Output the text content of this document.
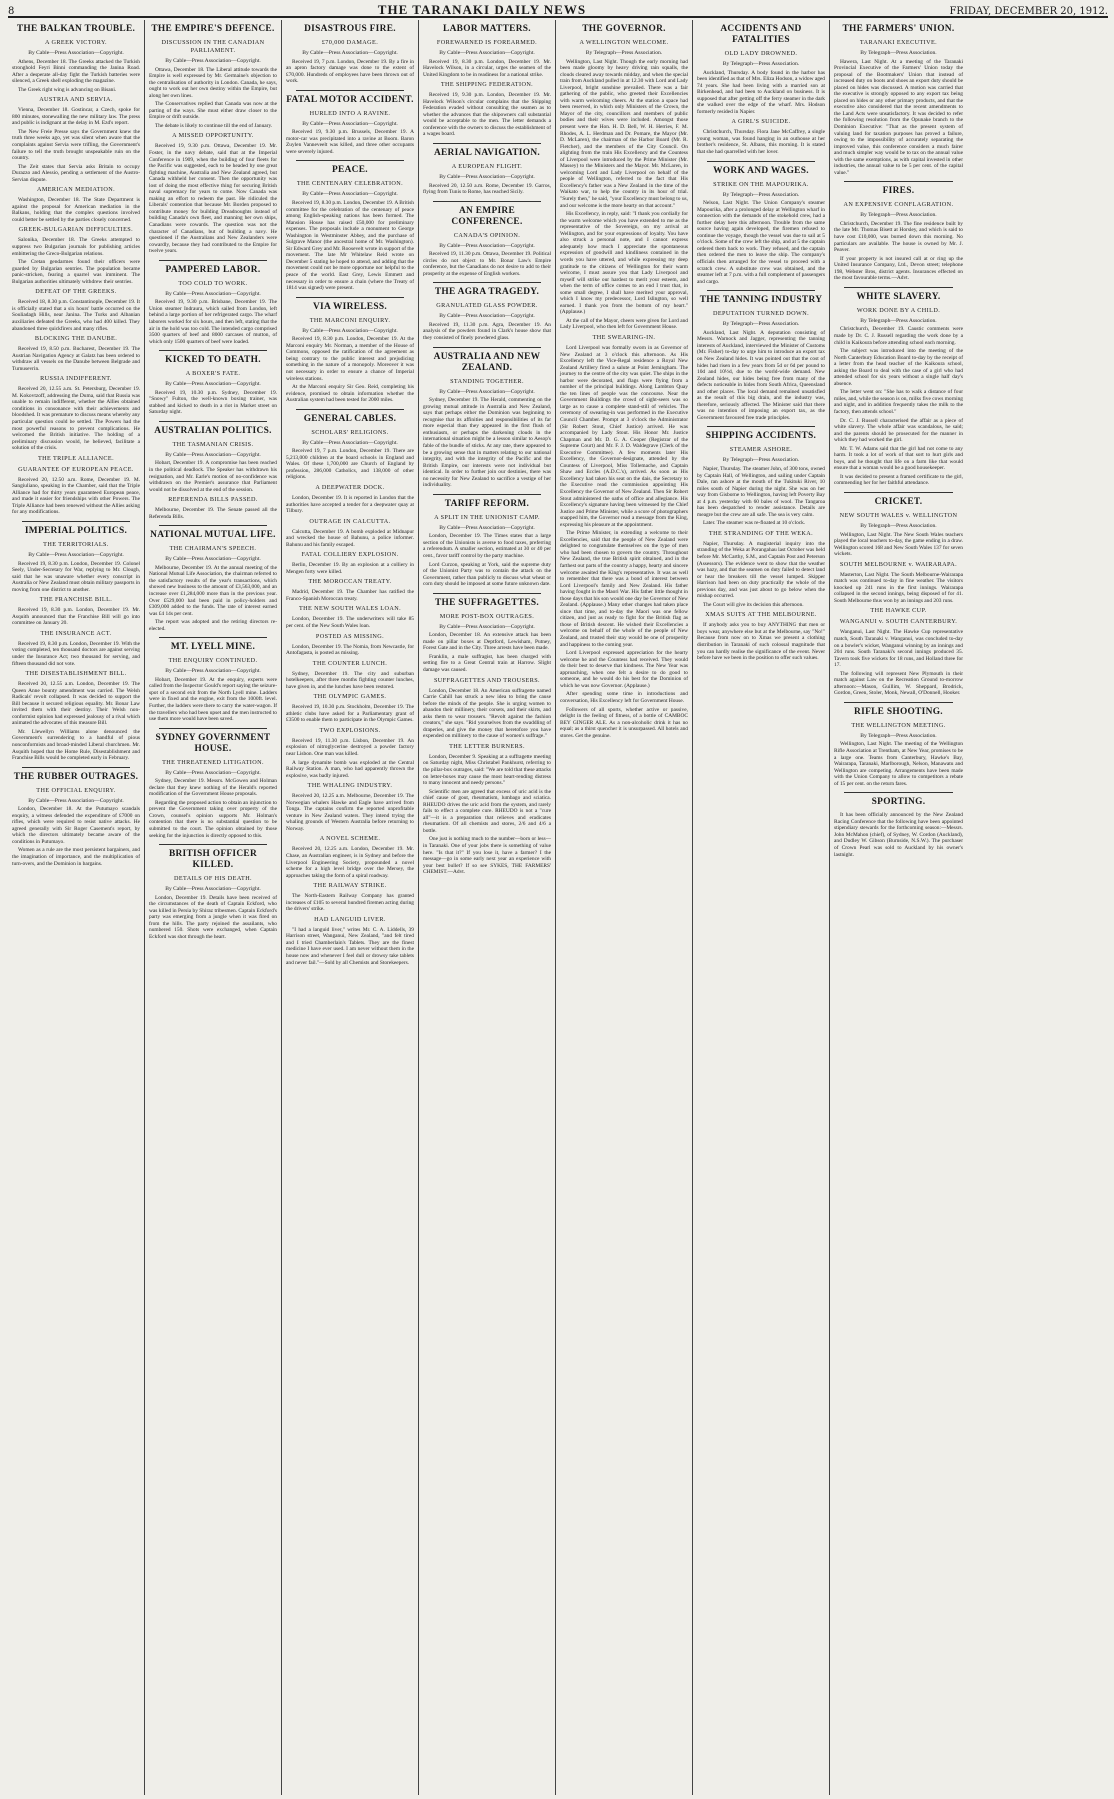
8	THE TARANAKI DAILY NEWS	FRIDAY, DECEMBER 20, 1912.
THE BALKAN TROUBLE.
A GREEK VICTORY.
By Cable—Press Association—Copyright.
Athens, December 18. The Greeks attacked the Turkish stronghold Feyri Binni commanding the Janina Road. After a desperate all-day fight the Turkish batteries were silenced, a Greek shell exploding the magazine.
The Greek right wing is advancing on Bisani.
AUSTRIA AND SERVIA.
Vienna, December 18. Gostincar, a Czech, spoke for 800 minutes, stonewalling the new military law. The press and public is indignant at the delay in M. Ezd's report.
The New Freie Presse says the Government knew the truth three weeks ago, yet was silent when aware that the complaints against Servia were trifling, the Government's failure to tell the truth brought unspeakable ruin on the country.
The Zeit states that Servia asks Britain to occupy Durazzo and Alessio, pending a settlement of the Austro-Servian dispute.
AMERICAN MEDIATION.
Washington, December 18. The State Department is against the proposal for American mediation in the Balkans, holding that the complex questions involved could better be settled by the parties closely concerned.
GREEK-BULGARIAN DIFFICULTIES.
Salonika, December 18. The Greeks attempted to suppress two Bulgarian journals for publishing articles embittering the Greco-Bulgarian relations.
The Cretan gendarmes found their officers were guarded by Bulgarian sentries. The population became panic-stricken, fearing a quarrel was imminent. The Bulgarian authorities ultimately withdrew their sentries.
DEFEAT OF THE GREEKS.
Received 18, 8.30 p.m. Constantinople, December 19. It is officially stated that a six hours' battle occurred on the Souliadagh Hills, near Janina. The Turks and Albanian auxiliaries defeated the Greeks, who had 400 killed. They abandoned three quickfirers and many rifles.
BLOCKING THE DANUBE.
Received 19, 8.50 p.m. Bucharest, December 19. The Austrian Navigation Agency at Galatz has been ordered to withdraw all vessels on the Danube between Belgrade and Turnusevrin.
RUSSIA INDIFFERENT.
Received 20, 12.55 a.m. St. Petersburg, December 19. M. Kokovtzoff, addressing the Duma, said that Russia was unable to remain indifferent, whether the Allies obtained conditions in consonance with their achievements and bloodshed. It was premature to discuss means whereby any particular question could be settled. The Powers had the most powerful reasons to prevent complications. He welcomed the British initiative. The holding of a preliminary discussion would, he believed, facilitate a solution of the crisis.
THE TRIPLE ALLIANCE.
GUARANTEE OF EUROPEAN PEACE.
Received 20, 12.50 a.m. Rome, December 19. M. Sangiuliano, speaking in the Chamber, said that the Triple Alliance had for thirty years guaranteed European peace, and made it easier for friendships with other Powers. The Triple Alliance had been renewed without the Allies asking for any modifications.
IMPERIAL POLITICS.
THE TERRITORIALS.
By Cable—Press Association—Copyright.
Received 19, 8.30 p.m. London, December 19. Colonel Seely, Under-Secretary for War, replying to Mr. Clough, said that he was unaware whether every conscript in Australia or New Zealand must obtain military passports in moving from one district to another.
THE FRANCHISE BILL.
Received 19, 8.30 p.m. London, December 19. Mr. Asquith announced that the Franchise Bill will go into committee on January 20.
THE INSURANCE ACT.
Received 19, 8.30 p.m. London, December 19. With the voting completed, ten thousand doctors are against serving under the Insurance Act; two thousand for serving, and fifteen thousand did not vote.
THE DISESTABLISHMENT BILL.
Received 20, 12.55 a.m. London, December 19. The Queen Anne bounty amendment was carried. The Welsh Radicals' revolt collapsed. It was decided to support the Bill because it secured religious equality. Mr. Bonar Law invited them with their destiny. Their Welsh non-conformist opinion had expressed jealousy of a rival which animated the advocates of this measure Bill.
Mr. Llewellyn Williams alone denounced the Government's surrendering to a handful of pious nonconformists and broad-minded Liberal churchmen. Mr. Asquith hoped that the Home Rule, Disestablishment and Franchise Bills would be completed early in February.
THE RUBBER OUTRAGES.
THE OFFICIAL ENQUIRY.
By Cable—Press Association—Copyright.
London, December 18. At the Putumayo scandals enquiry, a witness defended the expenditure of £7000 on rifles, which were required to resist native attacks. He agreed generally with Sir Roger Casement's report, by which the directors ultimately became aware of the conditions in Putumayo.
Women as a rule are the most persistent bargainers, and the imagination of importance, and the multiplication of turn-overs, and the Dominion in bargains.
THE EMPIRE'S DEFENCE.
DISCUSSION IN THE CANADIAN PARLIAMENT.
By Cable—Press Association—Copyright.
Ottawa, December 18. The Liberal attitude towards the Empire is well expressed by Mr. Germaine's objection to the centralisation of authority in London. Canada, he says, ought to work out her own destiny within the Empire, but along her own lines.
The Conservatives replied that Canada was now at the parting of the ways. She must either draw closer to the Empire or drift outside.
The debate is likely to continue till the end of January.
A MISSED OPPORTUNITY.
Received 19, 9.30 p.m. Ottawa, December 19. Mr. Foster, in the navy debate, said that at the Imperial Conference in 1909, when the building of four fleets for the Pacific was suggested, each to be headed by one great fighting machine, Australia and New Zealand agreed, but Canada withheld her consent. Then the opportunity was lost of doing the most effective thing for securing British naval supremacy for years to come. Now Canada was making an effort to redeem the past. He ridiculed the Liberals' contention that because Mr. Borden proposed to contribute money for building Dreadnoughts instead of building Canada's own fleet, and manning her own ships, Canadians were cowards. The question was not the character of Canadians, but of building a navy. He questioned if the Australians and New Zealanders were cowardly, because they had contributed to the Empire for twelve years.
PAMPERED LABOR.
TOO COLD TO WORK.
By Cable—Press Association—Copyright.
Received 19, 9.30 p.m. Brisbane, December 19. The Union steamer Indraura, which sailed from London, left behind a large portion of her refrigerated cargo. The wharf laborers worked for six hours, and then left, stating that the air in the hold was too cold. The intended cargo comprised 3500 quarters of beef and 8000 carcases of mutton, of which only 1500 quarters of beef were loaded.
KICKED TO DEATH.
A BOXER'S FATE.
By Cable—Press Association—Copyright.
Received 19, 10.30 p.m. Sydney, December 19. "Snowy" Fulton, the well-known boxing trainer, was stabbed and kicked to death in a riot in Market street on Saturday night.
AUSTRALIAN POLITICS.
THE TASMANIAN CRISIS.
By Cable—Press Association—Copyright.
Hobart, December 19. A compromise has been reached in the political deadlock. The Speaker has withdrawn his resignation, and Mr. Earle's motion of no-confidence was withdrawn on the Premier's assurance that Parliament would not be dissolved at the end of the session.
REFERENDA BILLS PASSED.
Melbourne, December 19. The Senate passed all the Referenda Bills.
NATIONAL MUTUAL LIFE.
THE CHAIRMAN'S SPEECH.
By Cable—Press Association—Copyright.
Melbourne, December 19. At the annual meeting of the National Mutual Life Association, the chairman referred to the satisfactory results of the year's transactions, which showed new business to the amount of £3,563,000, and an increase over £1,284,000 more than in the previous year. Over £529,000 had been paid in policy-holders and £309,000 added to the funds. The rate of interest earned was £4 14s per cent.
The report was adopted and the retiring directors re-elected.
MT. LYELL MINE.
THE ENQUIRY CONTINUED.
By Cable—Press Association—Copyright.
Hobart, December 19. At the enquiry, experts were called from the Inspector Gould's report saying the seizure-spot of a second exit from the North Lyell mine. Ladders were in fixed and the engine, exit from the 1000ft. level. Further, the ladders were there to carry the water-wagon. If the travellers who had been upset and the men instructed to use them more would have been saved.
SYDNEY GOVERNMENT HOUSE.
THE THREATENED LITIGATION.
By Cable—Press Association—Copyright.
Sydney, December 19. Messrs. McGowen and Holman declare that they knew nothing of the Herald's reported modification of the Government House proposals.
Regarding the proposed action to obtain an injunction to prevent the Government taking over property of the Crown, counsel's opinion supports Mr. Holman's contention that there is no substantial question to be submitted to the court. The opinion obtained by those seeking for the injunction is directly opposed to this.
BRITISH OFFICER KILLED.
DETAILS OF HIS DEATH.
By Cable—Press Association—Copyright.
London, December 19. Details have been received of the circumstances of the death of Captain Eckford, who was killed in Persia by Shiraz tribesmen. Captain Eckford's party was emerging from a jungle when it was fired on from the hills. The party rejoined the assailants, who numbered 150. Shots were exchanged, when Captain Eckford was shot through the heart.
DISASTROUS FIRE.
£70,000 DAMAGE.
By Cable—Press Association—Copyright.
Received 19, 7 p.m. London, December 19. By a fire in an apron factory damage was done to the extent of £70,000. Hundreds of employees have been thrown out of work.
FATAL MOTOR ACCIDENT.
HURLED INTO A RAVINE.
By Cable—Press Association—Copyright.
Received 19, 9.30 p.m. Brussels, December 19. A motor-car was precipitated into a ravine at Boom. Baron Zuylen Vanneveelt was killed, and three other occupants were severely injured.
PEACE.
THE CENTENARY CELEBRATION.
By Cable—Press Association—Copyright.
Received 19, 8.30 p.m. London, December 19. A British committee for the celebration of the centenary of peace among English-speaking nations has been formed. The Mansion House has raised £50,000 for preliminary expenses. The proposals include a monument to George Washington in Westminster Abbey, and the purchase of Sulgrave Manor (the ancestral home of Mr. Washington). Sir Edward Grey and Mr. Roosevelt wrote in support of the movement. The late Mr Whitelaw Reid wrote on December 5 stating he hoped to attend, and adding that the movement could not be more opportune nor helpful to the peace of the world. East Grey, Lewis Emmett and necessary in order to ensure a chain (where the Treaty of 1814 was signed) were present.
VIA WIRELESS.
THE MARCONI ENQUIRY.
By Cable—Press Association—Copyright.
Received 19, 8.30 p.m. London, December 19. At the Marconi enquiry Mr. Norman, a member of the House of Commons, opposed the ratification of the agreement as being contrary to the public interest and prejudicing something in the nature of a monopoly. Moreover it was not necessary in order to ensure a chance of Imperial wireless stations.
At the Marconi enquiry Sir Geo. Reid, completing his evidence, promised to obtain information whether the Australian system had been tested for 2000 miles.
GENERAL CABLES.
SCHOLARS' RELIGIONS.
By Cable—Press Association—Copyright.
Received 19, 7 p.m. London, December 19. There are 5,213,000 children at the board schools in England and Wales. Of these 1,700,000 are Church of England by profession, 286,000 Catholics, and 138,000 of other religions.
A DEEPWATER DOCK.
London, December 19. It is reported in London that the authorities have accepted a tender for a deepwater quay at Tilbury.
OUTRAGE IN CALCUTTA.
Calcutta, December 19. A bomb exploded at Midnapur and wrecked the house of Bahunu, a police informer. Bahunu and his family escaped.
FATAL COLLIERY EXPLOSION.
Berlin, December 19. By an explosion at a colliery in Mengen forty were killed.
THE MOROCCAN TREATY.
Madrid, December 19. The Chamber has ratified the Franco-Spanish Moroccan treaty.
THE NEW SOUTH WALES LOAN.
London, December 19. The underwriters will take 85 per cent. of the New South Wales loan.
POSTED AS MISSING.
London, December 19. The Nomia, from Newcastle, for Antofagasta, is posted as missing.
THE COUNTER LUNCH.
Sydney, December 19. The city and suburban hotelkeepers, after three months fighting counter lunches, have given in, and the lunches have been restored.
THE OLYMPIC GAMES.
Received 19, 10.30 p.m. Stockholm, December 19. The athletic clubs have asked for a Parliamentary grant of £3500 to enable them to participate in the Olympic Games.
TWO EXPLOSIONS.
Received 19, 11.30 p.m. Lisbon, December 19. An explosion of nitroglycerine destroyed a powder factory near Lisbon. One man was killed.
A large dynamite bomb was exploded at the Central Railway Station. A man, who had apparently thrown the explosive, was badly injured.
THE WHALING INDUSTRY.
Received 20, 12.25 a.m. Melbourne, December 19. The Norwegian whalers Hawke and Eagle have arrived from Tonga. The captains confirm the reported unprofitable venture in New Zealand waters. They intend trying the whaling grounds of Western Australia before returning to Norway.
A NOVEL SCHEME.
Received 20, 12.25 a.m. London, December 19. Mr. Chase, an Australian engineer, is in Sydney and before the Liverpool Engineering Society, propounded a novel scheme for a high level bridge over the Mersey, the approaches taking the form of a spiral roadway.
THE RAILWAY STRIKE.
The North-Eastern Railway Company has granted increases of £105 to several hundred firemen acting during the drivers' strike.
HAD LANGUID LIVER.
"I had a languid liver," writes Mr. C. A. Liddells, 39 Harrison street, Wanganui, New Zealand, "and felt tired and I tried Chamberlain's Tablets. They are the finest medicine I have ever used. I am never without them in the house now and whenever I feel dull or drowsy take tablets and never fail."—Sold by all Chemists and Storekeepers.
LABOR MATTERS.
FOREWARNED IS FOREARMED.
By Cable—Press Association—Copyright.
Received 19, 8.30 p.m. London, December 19. Mr. Havelock Wilson, in a circular, urges the seamen of the United Kingdom to be in readiness for a national strike.
THE SHIPPING FEDERATION.
Received 19, 9.30 p.m. London, December 19. Mr. Havelock Wilson's circular complains that the Shipping Federation evaded without consulting the seamen as to whether the advances that the shipowners call substantial would be acceptable to the men. The letter demands a conference with the owners to discuss the establishment of a wages board.
AERIAL NAVIGATION.
A EUROPEAN FLIGHT.
By Cable—Press Association—Copyright.
Received 20, 12.50 a.m. Rome, December 19. Garros, flying from Tunis to Rome, has reached Sicily.
AN EMPIRE CONFERENCE.
CANADA'S OPINION.
By Cable—Press Association—Copyright.
Received 19, 11.30 p.m. Ottawa, December 19. Political circles do not object to Mr. Bonar Law's Empire conference, but the Canadians do not desire to add to their prosperity at the expense of English workers.
THE AGRA TRAGEDY.
GRANULATED GLASS POWDER.
By Cable—Press Association—Copyright.
Received 19, 11.30 p.m. Agra, December 19. An analysis of the powders found in Clark's house show that they consisted of finely powdered glass.
AUSTRALIA AND NEW ZEALAND.
STANDING TOGETHER.
By Cable—Press Association—Copyright.
Sydney, December 19. The Herald, commenting on the growing mutual attitude in Australia and New Zealand, says that perhaps either the Dominion was beginning to recognise that its affinities and responsibilities of its far more especial than they appeared in the first flush of enthusiasm, or perhaps the darkening clouds in the international situation might be a lesson similar to Aesop's fable of the bundle of sticks. At any rate, there appeared to be a growing sense that in matters relating to our national integrity, and with the integrity of the Pacific and the British Empire, our interests were not individual but identical. In order to further join our destinies, there was no necessity for New Zealand to sacrifice a vestige of her individuality.
TARIFF REFORM.
A SPLIT IN THE UNIONIST CAMP.
By Cable—Press Association—Copyright.
London, December 19. The Times states that a large section of the Unionists is averse to food taxes, preferring a referendum. A smaller section, estimated at 30 or 40 per cent., favor tariff control by the party machine.
Lord Curzon, speaking at York, said the supreme duty of the Unionist Party was to contain the attack on the Government, rather than publicly to discuss what wheat or corn duty should be imposed at some future unknown date.
THE SUFFRAGETTES.
MORE POST-BOX OUTRAGES.
By Cable—Press Association—Copyright.
London, December 18. An extensive attack has been made on pillar boxes at Deptford, Lewisham, Putney, Forest Gate and in the City. Three arrests have been made.
Franklin, a male suffragist, has been charged with setting fire to a Great Central train at Harrow. Slight damage was caused.
SUFFRAGETTES AND TROUSERS.
London, December 18. An American suffragette named Carrie Cahill has struck a new idea to bring the cause before the minds of the people. She is urging women to abandon their millinery, their corsets, and their skirts, and asks them to wear trousers. "Revolt against the fashion creators," she says. "Rid yourselves from the swaddling of draperies, and give the money that heretofore you have expended on millinery to the cause of women's suffrage."
THE LETTER BURNERS.
London, December 9. Speaking at a suffragette meeting on Saturday night, Miss Christabel Pankhurst, referring to the pillar-box outrages, said: "We are told that these attacks on letter-boxes may cause the most heart-rending distress to many innocent and needy persons."
Scientific men are agreed that excess of uric acid is the chief cause of gout, rheumatism, lumbago and sciatica. RHEUDO drives the uric acid from the system, and rarely fails to effect a complete cure. RHEUDO is not a "cure all"—it is a preparation that relieves and eradicates rheumatism. Of all chemists and stores, 2/6 and 4/6 a bottle.
One just is nothing much to the number—born or less—in Taranaki. One of your jobs there is something of value here. "Is that it?" If you lose it, have a farmer? I the message—go in some early next year an experience with your best bullet? If so see SYKES, THE FARMERS' CHEMIST.—Advt.
THE GOVERNOR.
A WELLINGTON WELCOME.
By Telegraph—Press Association.
Wellington, Last Night. Though the early morning had been made gloomy by heavy driving rain squalls, the clouds cleared away towards midday, and when the special train from Auckland pulled in at 12.30 with Lord and Lady Liverpool, bright sunshine prevailed. There was a fair gathering of the public, who greeted their Excellencies with warm welcoming cheers. At the station a space had been reserved, in which only Ministers of the Crown, the Mayor of the city, councillors and members of public bodies and their wives were included. Amongst those present were the Hon. H. D. Bell, W. H. Herries, F. M. Rhodes, A. L. Herdman and Dr. Pomare, the Mayor (Mr. D. McLaren), the chairman of the Harbor Board (Mr. R. Fletcher), and the members of the City Council. On alighting from the train His Excellency and the Countess of Liverpool were introduced by the Prime Minister (Mr. Massey) to the Ministers and the Mayor. Mr. McLaren, in welcoming Lord and Lady Liverpool on behalf of the people of Wellington, referred to the fact that His Excellency's father was a New Zealand in the time of the Waikato war, to help the country in its hour of trial. "Surely then," he said, "your Excellency must belong to us, and our welcome is the more hearty on that account."
His Excellency, in reply, said: "I thank you cordially for the warm welcome which you have extended to me as the representative of the Sovereign, on my arrival at Wellington, and for your expressions of loyalty. You have also struck a personal note, and I cannot express adequately how much I appreciate the spontaneous expression of goodwill and kindliness contained in the words you have uttered, and while expressing my deep gratitude to the citizens of Wellington for their warm welcome, I must assure you that Lady Liverpool and myself will strike our hardest to merit your esteem, and when the term of office comes to an end I trust that, in some small degree, I shall have merited your approval, which I know my predecessor, Lord Islington, so well earned. I thank you from the bottom of my heart." (Applause.)
At the call of the Mayor, cheers were given for Lord and Lady Liverpool, who then left for Government House.
THE SWEARING-IN.
Lord Liverpool was formally sworn in as Governor of New Zealand at 3 o'clock this afternoon. As His Excellency left the Vice-Regal residence a Royal New Zealand Artillery fired a salute at Point Jerningham. The journey to the centre of the city was quiet. The ships in the harbor were decorated, and flags were flying from a number of the principal buildings. Along Lambton Quay the ten lines of people was the concourse. Near the Government Buildings the crowd of sight-seers was so large as to cause a complete stand-still of vehicles. The ceremony of swearing-in was performed in the Executive Council Chamber. Prompt at 3 o'clock the Administrator (Sir Robert Stout, Chief Justice) arrived. He was accompanied by Lady Stout. His Honor Mr. Justice Chapman and Mr. D. G. A. Cooper (Registrar of the Supreme Court) and Mr. F. J. D. Waldegrave (Clerk of the Executive Committee). A few moments later His Excellency, the Governor-designate, attended by the Countess of Liverpool, Miss Tollemache, and Captain Shaw and Eccles (A.D.C.'s), arrived. As soon as His Excellency had taken his seat on the dais, the Secretary to the Executive read the commission appointing His Excellency the Governor of New Zealand. Then Sir Robert Stout administered the oaths of office and allegiance. His Excellency's signature having been witnessed by the Chief Justice and Prime Minister, while a score of photographers snapped him, the Governor read a message from the King, expressing his pleasure at the appointment.
The Prime Minister, in extending a welcome to their Excellencies, said that the people of New Zealand were delighted to congratulate themselves on the type of men who had been chosen to govern the country. Throughout New Zealand, the true British spirit obtained, and in the farthest out parts of the country a happy, hearty and sincere welcome awaited the King's representative. It was as well to remember that there was a bond of interest between Lord Liverpool's family and New Zealand. His father having fought in the Maori War. His father little thought in those days that his son would one day be Governor of New Zealand. (Applause.) Many other changes had taken place since that time, and to-day the Maori was one fellow citizen, and just as ready to fight for the British flag as those of British descent. He wished their Excellencies a welcome on behalf of the whole of the people of New Zealand, and trusted their stay would be one of prosperity and happiness to the coming year.
Lord Liverpool expressed appreciation for the hearty welcome he and the Countess had received. They would do their best to deserve that kindness. The New Year was approaching, when one felt a desire to do good to someone, and he would do his best for the Dominion of which he was now Governor. (Applause.)
After spending some time in introductions and conversation, His Excellency left for Government House.
Followers of all sports, whether active or passive, delight in the feeling of fitness, of a bottle of CAMBOC BEY GINGER ALE. As a non-alcoholic drink it has no equal; as a thirst quencher it is unsurpassed. All hotels and stores. Get the genuine.
ACCIDENTS AND FATALITIES
OLD LADY DROWNED.
By Telegraph—Press Association.
Auckland, Thursday. A body found in the harbor has been identified as that of Mrs. Eliza Hodson, a widow aged 74 years. She had been living with a married son at Birkenhead, and had been to Auckland on business. It is supposed that after getting off the ferry steamer in the dark she walked over the edge of the wharf. Mrs. Hodson formerly resided in Napier.
A GIRL'S SUICIDE.
Christchurch, Thursday. Flora Jane McCaffrey, a single young woman, was found hanging in an outhouse at her brother's residence, St. Albans, this morning. It is stated that she had quarrelled with her lover.
WORK AND WAGES.
STRIKE ON THE MAPOURIKA.
By Telegraph—Press Association.
Nelson, Last Night. The Union Company's steamer Mapourika, after a prolonged delay at Wellington wharf in connection with the demands of the stokehold crew, had a further delay here this afternoon. Trouble from the same source having again developed, the firemen refused to continue the voyage, though the vessel was due to sail at 5 o'clock. Some of the crew left the ship, and at 5 the captain ordered them back to work. They refused, and the captain then ordered the men to leave the ship. The company's officials then arranged for the vessel to proceed with a scratch crew. A substitute crew was obtained, and the steamer left at 7 p.m. with a full complement of passengers and cargo.
THE TANNING INDUSTRY
DEPUTATION TURNED DOWN.
By Telegraph—Press Association.
Auckland, Last Night. A deputation consisting of Messrs. Warnock and Jagger, representing the tanning interests of Auckland, interviewed the Minister of Customs (Mr. Fisher) to-day to urge him to introduce an export tax on New Zealand hides. It was pointed out that the cost of hides had risen in a few years from 5d or 6d per pound to 10d and 10½d, due to the world-wide demand. New Zealand hides, our hides being free from many of the defects noticeable in hides from South Africa, Queensland and other places. The local demand remained unsatisfied as the result of this big drain, and the industry was, therefore, seriously affected. The Minister said that there was no intention of imposing an export tax, as the Government favoured free trade principles.
SHIPPING ACCIDENTS.
STEAMER ASHORE.
By Telegraph—Press Association.
Napier, Thursday. The steamer John, of 300 tons, owned by Captain Hall, of Wellington, and sailing under Captain Dale, ran ashore at the mouth of the Tukituki River, 10 miles south of Napier during the night. She was on her way from Gisborne to Wellington, having left Poverty Bay at 4 p.m. yesterday with 60 bales of wool. The Tangaroa has been despatched to render assistance. Details are meagre but the crew are all safe. The sea is very calm.
Later. The steamer was re-floated at 10 o'clock.
THE STRANDING OF THE WEKA.
Napier, Thursday. A magisterial inquiry into the stranding of the Weka at Porangahau last October was held before Mr. McCarthy, S.M., and Captain Post and Peterson (Assessors). The evidence went to show that the weather was hazy, and that the seamen on duty failed to detect land or hear the breakers till the vessel lumped. Skipper Harrison had been on duty practically the whole of the previous day, and was just about to go below when the mishap occurred.
The Court will give its decision this afternoon.
XMAS SUITS AT THE MELBOURNE.
If anybody asks you to buy ANYTHING that men or boys wear, anywhere else but at the Melbourne, say "No!" Because from now on to Xmas we present a clothing distribution in Taranaki of such colossal magnitude that you can hardly realise the significance of the event. Never before have we been in the position to offer such values.
THE FARMERS' UNION.
TARANAKI EXECUTIVE.
By Telegraph—Press Association.
Hawera, Last Night. At a meeting of the Taranaki Provincial Executive of the Farmers' Union today the proposal of the Bootmakers' Union that instead of increased duty on boots and shoes an export duty should be placed on hides was discussed. A motion was carried that the executive is strongly opposed to any export tax being placed on hides or any other primary products, and that the executive also considered that the recent amendments to the Land Acts were unsatisfactory. It was decided to refer the following resolution from the Opunake branch to the Dominion Executive: "That as the present system of valuing land for taxation purposes has proved a failure, owing to the impossibility of accurately separating the improved value, this conference considers a much fairer and much simpler way would be to tax on the annual value with the same exemptions, as with capital invested in other industries, the annual value to be 5 per cent. of the capital value."
FIRES.
AN EXPENSIVE CONFLAGRATION.
By Telegraph—Press Association.
Christchurch, December 19. The fine residence built by the late Mr. Thomas Bisett at Horsley, and which is said to have cost £10,000, was burned down this morning. No particulars are available. The house is owned by Mr. J. Peaver.
If your property is not insured call at or ring up the United Insurance Company, Ltd., Devon street; telephone 198, Webster Bros, district agents. Insurances effected on the most favourable terms.—Advt.
WHITE SLAVERY.
WORK DONE BY A CHILD.
By Telegraph—Press Association.
Christchurch, December 19. Caustic comments were made by Dr. C. J. Russell regarding the work done by a child in Kaikoura before attending school each morning.
The subject was introduced into the meeting of the North Canterbury Education Board to-day by the receipt of a letter from the head teacher of the Kaikoura school, asking the Board to deal with the case of a girl who had attended school for six years without a single half day's absence.
The letter went on: "She has to walk a distance of four miles, and, while the season is on, milks five cows morning and night, and in addition frequently takes the milk to the factory, then attends school."
Dr. C. J. Russell characterised the affair as a piece of white slavery. The whole affair was scandalous, he said; and the parents should be prosecuted for the manner in which they had worked the girl.
Mr. T. W. Adams said that the girl had not come to any harm. It took a lot of work of that sort to hurt girls and boys, and he thought that life on a farm like that would ensure that a woman would be a good housekeeper.
It was decided to present a framed certificate to the girl, commending her for her faithful attendance.
CRICKET.
NEW SOUTH WALES v. WELLINGTON
By Telegraph—Press Association.
Wellington, Last Night. The New South Wales teachers played the local teachers to-day, the game ending in a draw. Wellington scored 168 and New South Wales 137 for seven wickets.
SOUTH MELBOURNE v. WAIRARAPA.
Masterton, Last Night. The South Melbourne-Wairarapa match was continued to-day in fine weather. The visitors knocked up 241 runs in the first innings. Wairarapa collapsed in the second innings, being disposed of for 41. South Melbourne thus won by an innings and 203 runs.
THE HAWKE CUP.
WANGANUI v. SOUTH CANTERBURY.
Wanganui, Last Night. The Hawke Cup representative match, South Taranaki v. Wanganui, was concluded to-day on a bowler's wicket, Wanganui winning by an innings and 204 runs. South Taranaki's second innings produced 35. Tavern took five wickets for 18 runs, and Holland three for 17.
The following will represent New Plymouth in their match against Law on the Recreation Ground to-morrow afternoon:—Mason, Guillim, W. Sheppard, Brodrick, Gordon, Green, Stoler, Monk, Newall, O'Donnell, Hooker.
RIFLE SHOOTING.
THE WELLINGTON MEETING.
By Telegraph—Press Association.
Wellington, Last Night. The meeting of the Wellington Rifle Association at Trentham, at New Year, promises to be a large one. Teams from Canterbury, Hawke's Bay, Wairarapa, Taranaki, Marlborough, Nelson, Manawatu and Wellington are competing. Arrangements have been made with the Union Company to allow to competitors a rebate of 15 per cent. on the return fares.
SPORTING.
It has been officially announced by the New Zealand Racing Conference that the following have been appointed stipendiary stewards for the forthcoming season:—Messrs. John McMahon (chief), of Sydney, W. Cordon (Auckland), and Dudley W. Gibson (Burnside, N.S.W.). The purchaser of Crown Pearl was sold to Auckland by his owner's lastnight.
